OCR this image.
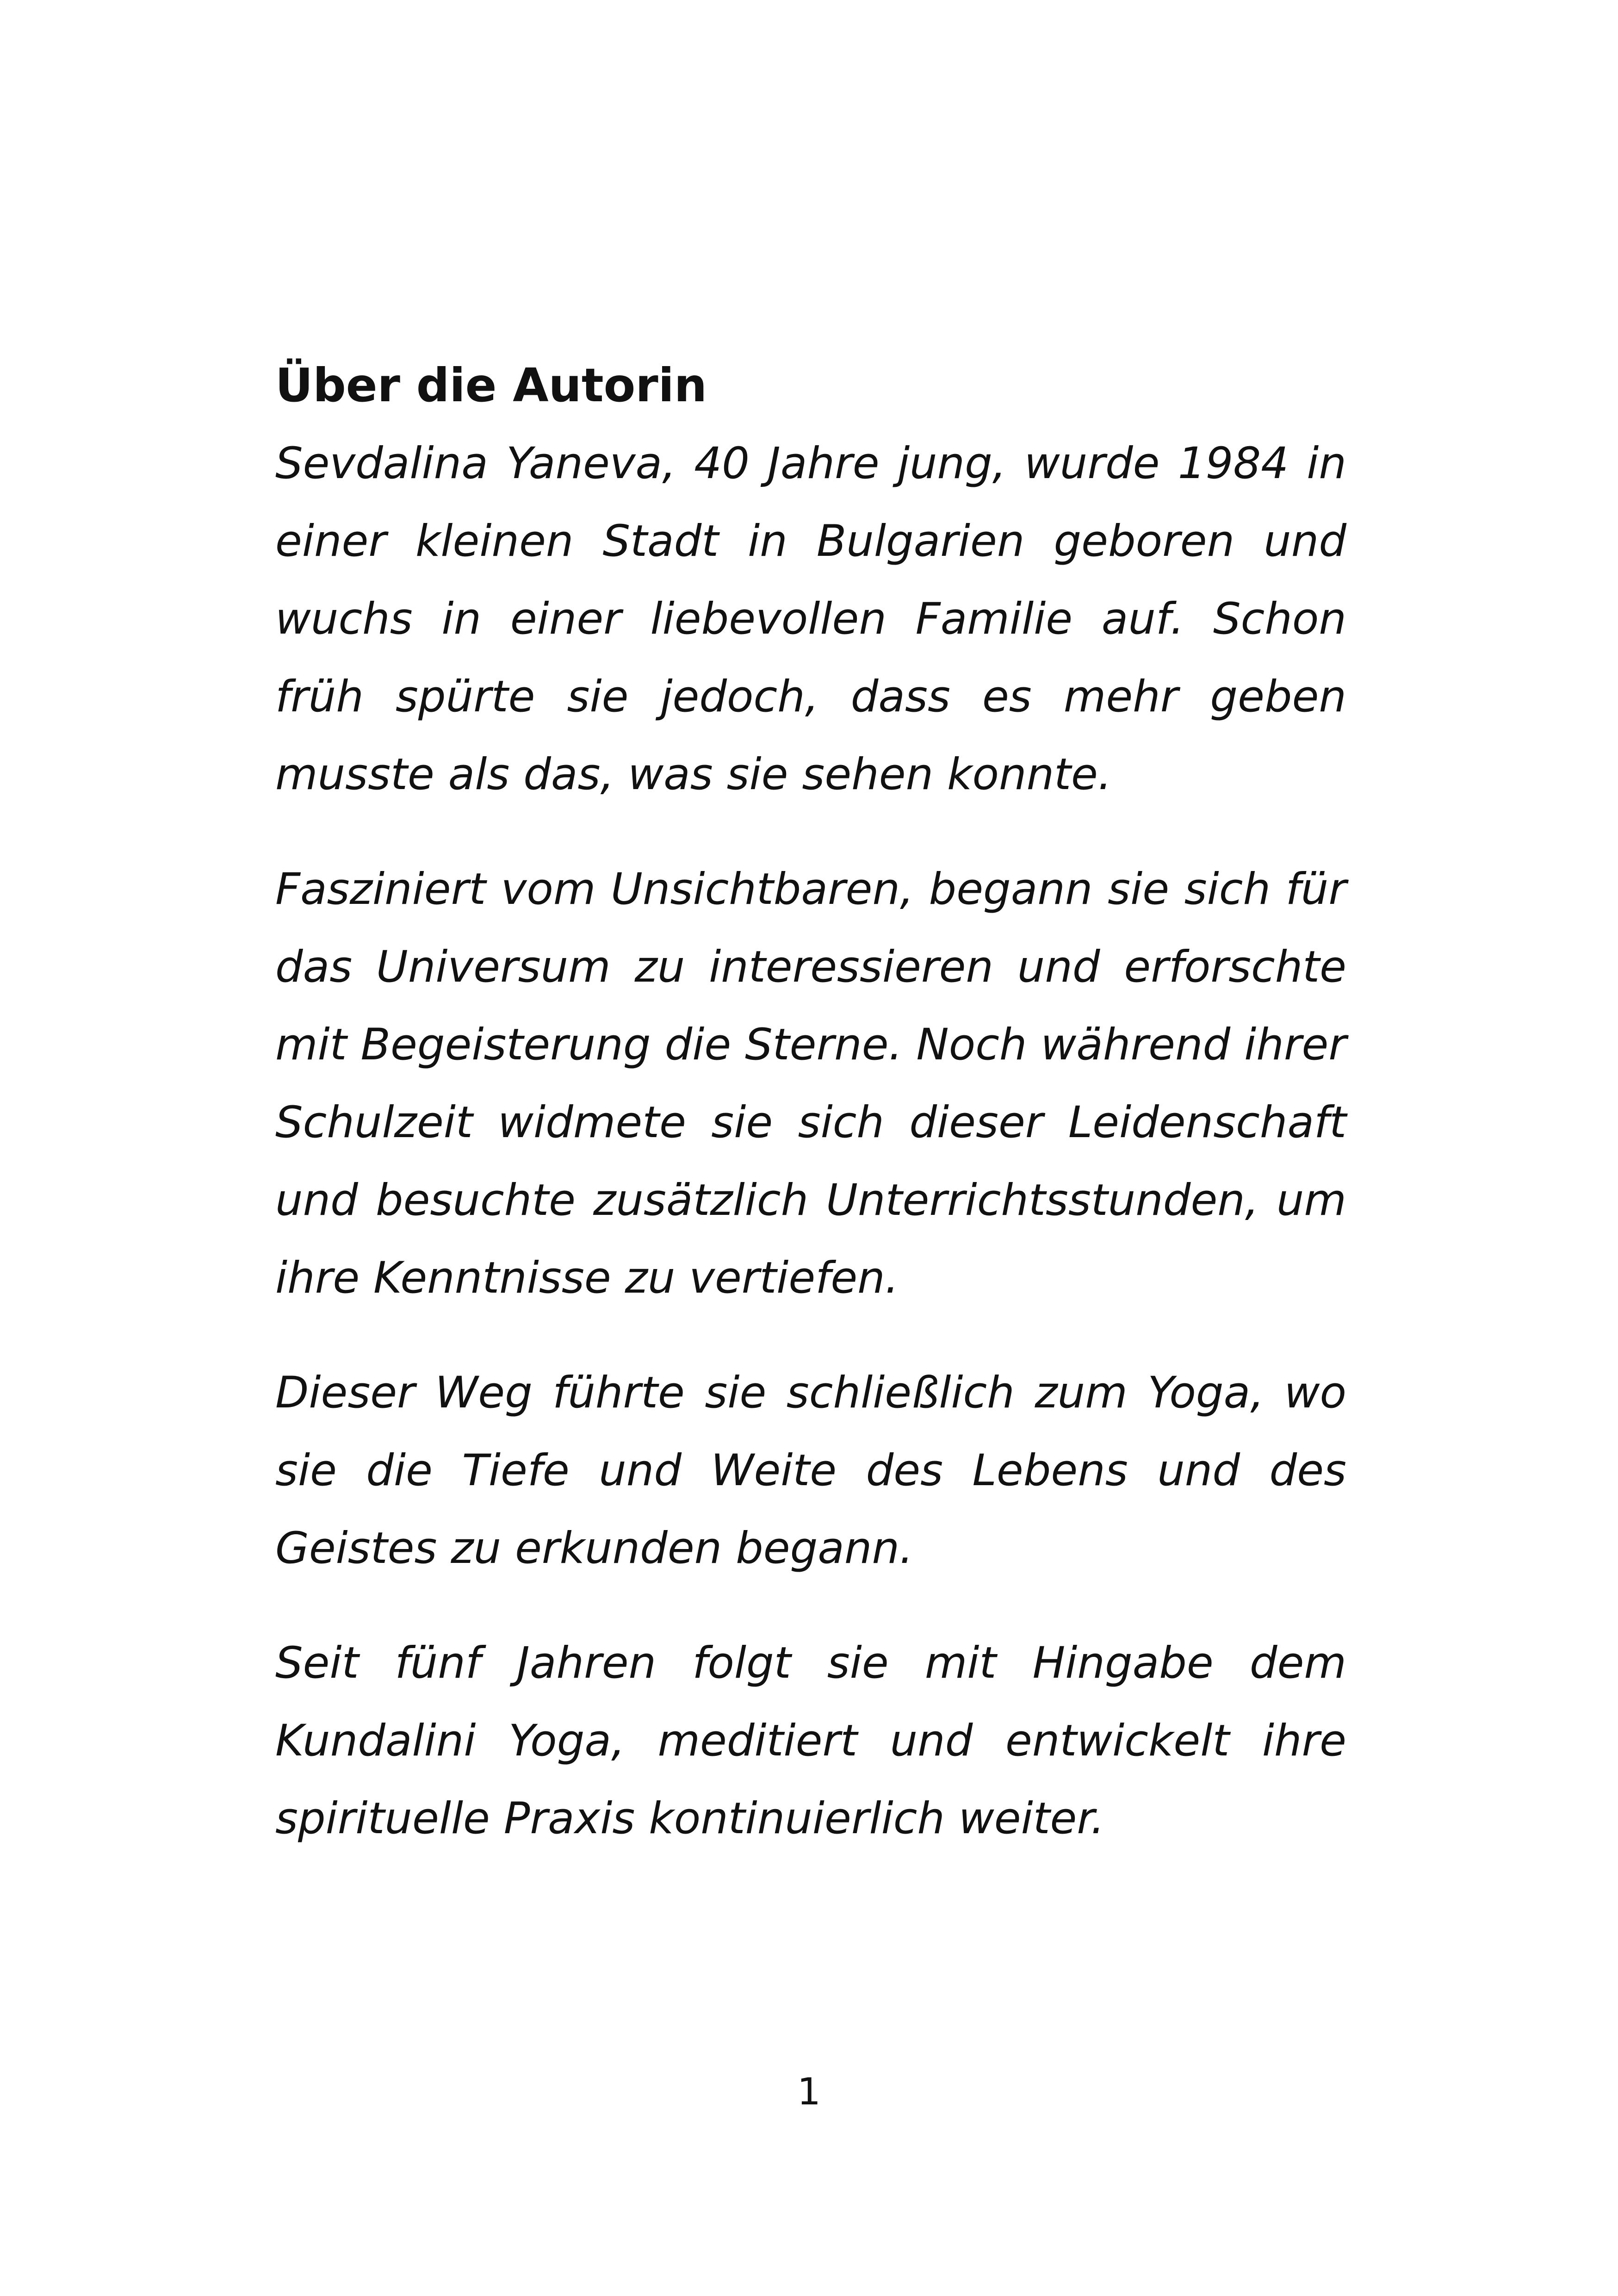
Über die Autorin

Sevdalina Yaneva, 40 Jahre jung, wurde 1984 in einer kleinen Stadt in Bulgarien geboren und wuchs in einer liebevollen Familie auf. Schon früh spürte sie jedoch, dass es mehr geben musste als das, was sie sehen konnte.

Fasziniert vom Unsichtbaren, begann sie sich für das Universum zu interessieren und erforschte mit Begeisterung die Sterne. Noch während ihrer Schulzeit widmete sie sich dieser Leidenschaft und besuchte zusätzlich Unterrichtsstunden, um ihre Kenntnisse zu vertiefen.

Dieser Weg führte sie schließlich zum Yoga, wo sie die Tiefe und Weite des Lebens und des Geistes zu erkunden begann.

Seit fünf Jahren folgt sie mit Hingabe dem Kundalini Yoga, meditiert und entwickelt ihre spirituelle Praxis kontinuierlich weiter.

1
